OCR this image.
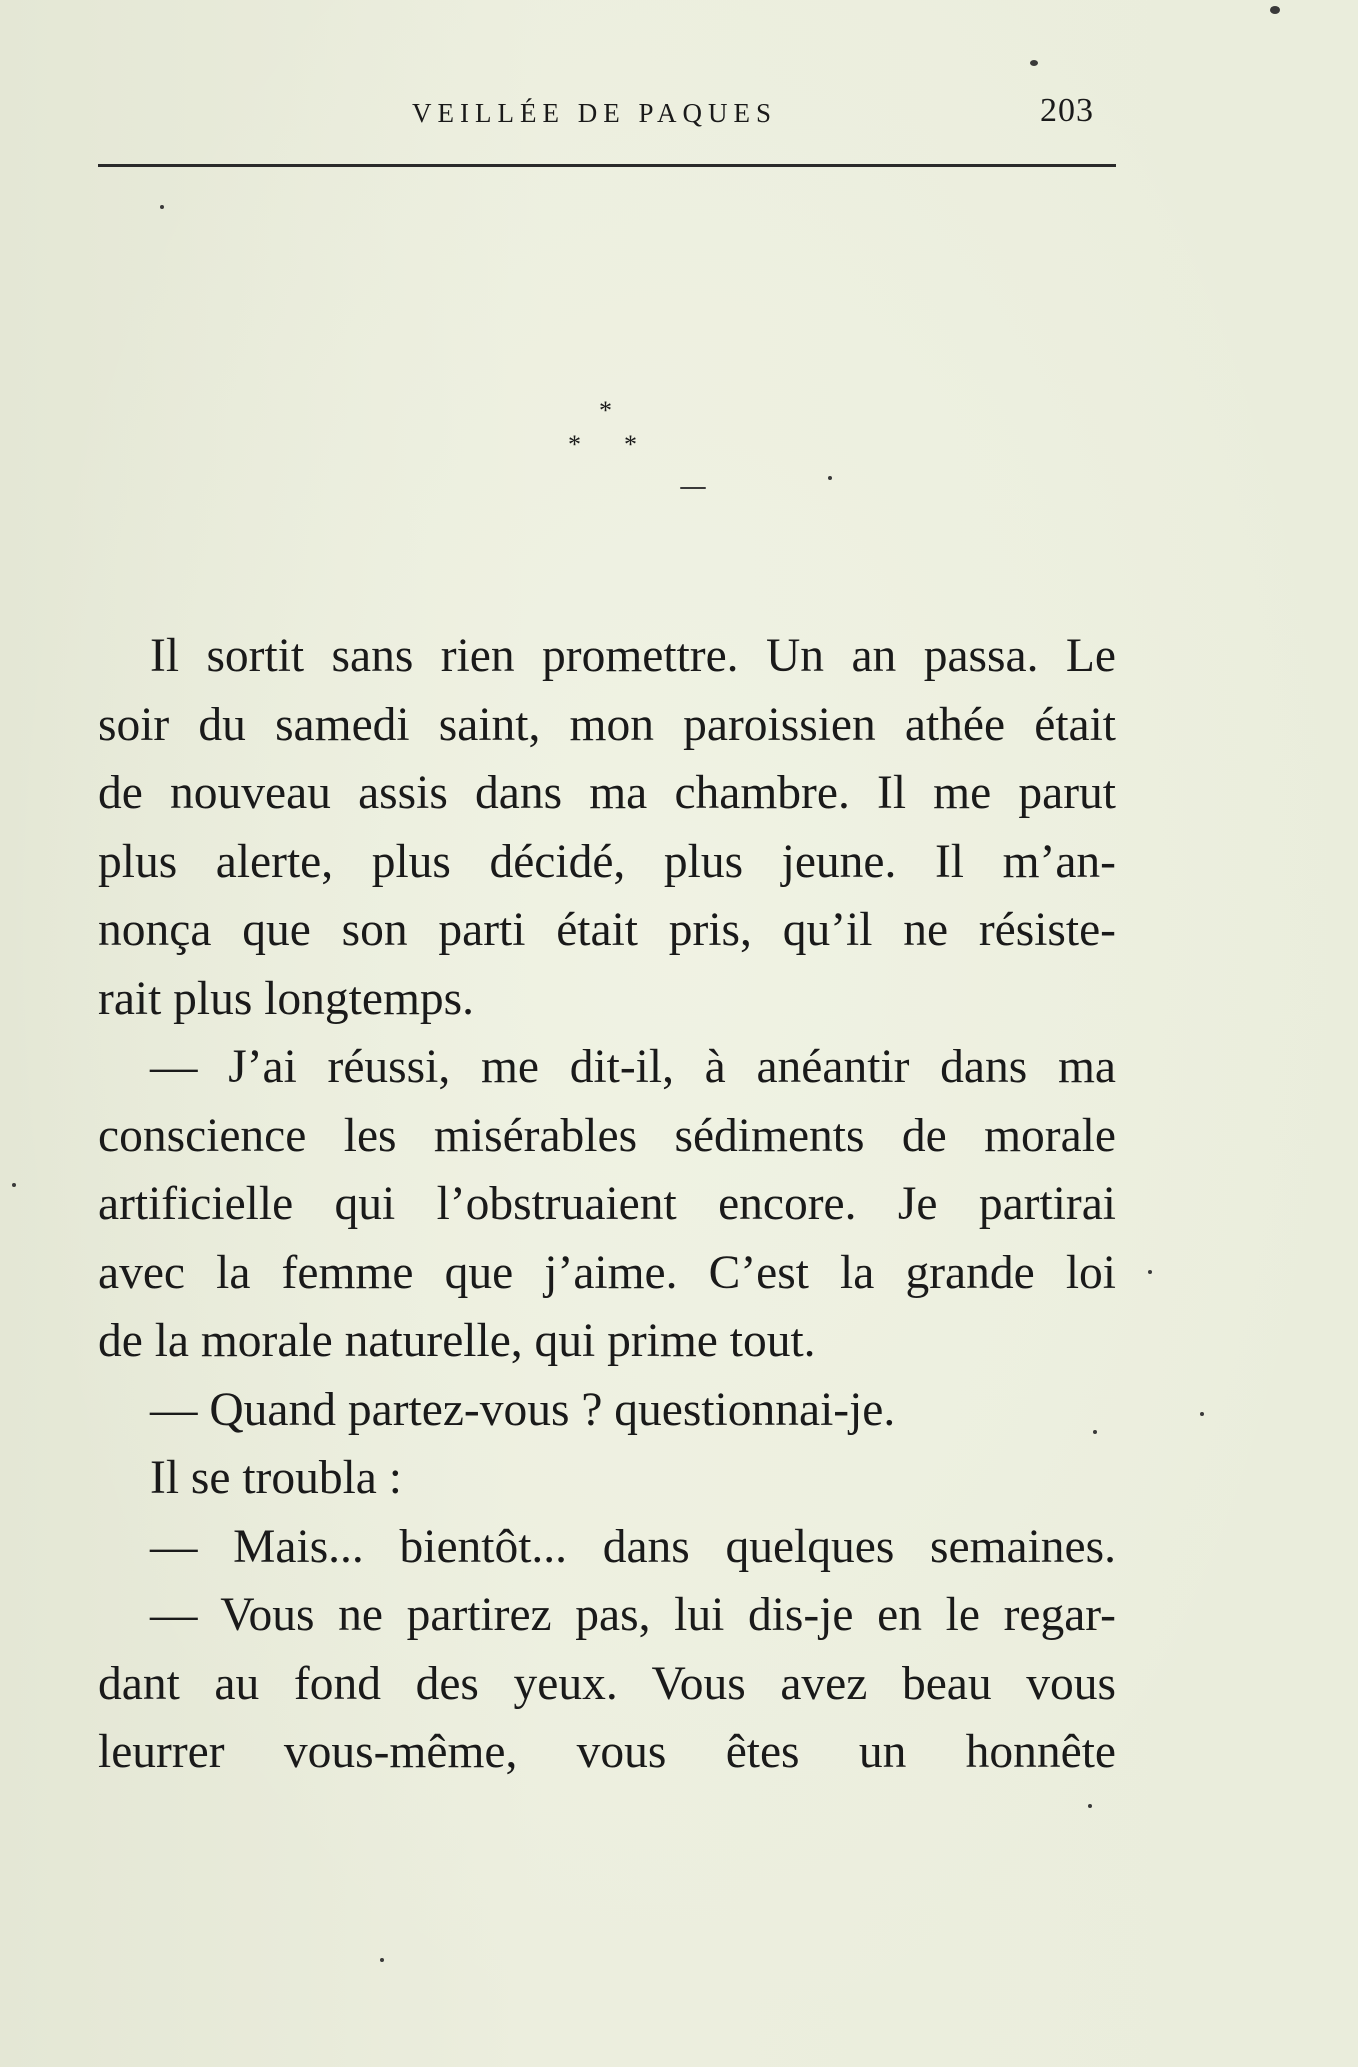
VEILLÉE DE PAQUES	203
*
* *
Il sortit sans rien promettre. Un an passa. Le
soir du samedi saint, mon paroissien athée était
de nouveau assis dans ma chambre. Il me parut
plus alerte, plus décidé, plus jeune. Il m’an-
nonça que son parti était pris, qu’il ne résiste-
rait plus longtemps.
— J’ai réussi, me dit-il, à anéantir dans ma
conscience les misérables sédiments de morale
artificielle qui l’obstruaient encore. Je partirai
avec la femme que j’aime. C’est la grande loi
de la morale naturelle, qui prime tout.
— Quand partez-vous ? questionnai-je.
Il se troubla :
— Mais... bientôt... dans quelques semaines.
— Vous ne partirez pas, lui dis-je en le regar-
dant au fond des yeux. Vous avez beau vous
leurrer vous-même, vous êtes un honnête
